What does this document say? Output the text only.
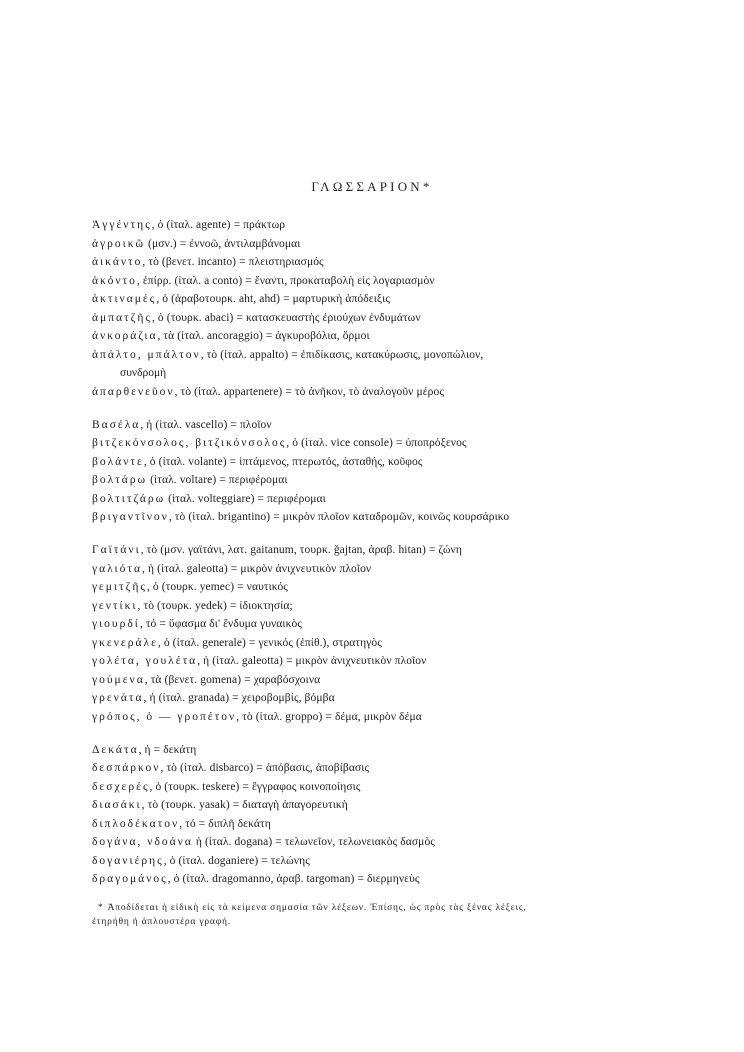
ΓΛΩΣΣΑΡΙΟΝ*
Ἀγγέντης, ὁ (ἰταλ. agente) = πράκτωρ
ἀγροικῶ (μσν.) = ἐννοῶ, ἀντιλαμβάνομαι
ἀικάντο, τὸ (βενετ. incanto) = πλειστηριασμός
ἀκόντο, ἐπίρρ. (ἰταλ. a conto) = ἔναντι, προκαταβολὴ εἰς λογαριασμὸν
ἀκτιναμές, ὁ (ἀραβοτουρκ. aht, ahd) = μαρτυρικὴ ἀπόδειξις
ἀμπατζῆς, ὁ (τουρκ. abaci) = κατασκευαστὴς ἐριούχων ἐνδυμάτων
ἀνκοράζια, τὰ (ἰταλ. ancoraggio) = ἀγκυροβόλια, ὅρμοι
ἀπάλτο, μπάλτον, τὸ (ἰταλ. appalto) = ἐπιδίκασις, κατακύρωσις, μονοπώλιον,
συνδρομὴ
ἀπαρθενεῦον, τὸ (ἰταλ. appartenere) = τὸ ἀνῆκον, τὸ ἀναλογοῦν μέρος
Βασέλα, ἡ (ἰταλ. vascello) = πλοῖον
βιτζεκόνσολος, βιτζικόνσολος, ὁ (ἰταλ. vice console) = ὑποπρόξενος
βολάντε, ὁ (ἰταλ. volante) = ἱπτάμενος, πτερωτός, ἀσταθής, κοῦφος
βολτάρω (ἰταλ. voltare) = περιφέρομαι
βολτιτζάρω (ἰταλ. volteggiare) = περιφέρομαι
βριγαντῖνον, τὸ (ἰταλ. brigantino) = μικρὸν πλοῖον καταδρομῶν, κοινῶς κουρσάρικο
Γαϊτάνι, τὸ (μσν. γαϊτάνι, λατ. gaitanum, τουρκ. ǧajtan, ἀραβ. hitan) = ζώνη
γαλιότα, ἡ (ἰταλ. galeotta) = μικρὸν ἀνιχνευτικὸν πλοῖον
γεμιτζῆς, ὁ (τουρκ. yemec) = ναυτικός
γεντίκι, τὸ (τουρκ. yedek) = ἰδιοκτησία;
γιουρδί, τό = ὕφασμα δι' ἔνδυμα γυναικὸς
γκενεράλε, ὁ (ἰταλ. generale) = γενικός (ἐπίθ.), στρατηγὸς
γολέτα, γουλέτα, ἡ (ἰταλ. galeotta) = μικρὸν ἀνιχνευτικὸν πλοῖον
γούμενα, τὰ (βενετ. gomena) = χαραβόσχοινα
γρενάτα, ἡ (ἰταλ. granada) = χειροβομβίς, βόμβα
γρόπος, ὁ — γροπέτον, τὸ (ἰταλ. groppo) = δέμα, μικρὸν δέμα
Δεκάτα, ἡ = δεκάτη
δεσπάρκον, τὸ (ἰταλ. disbarco) = ἀπόβασις, ἀποβίβασις
δεσχερές, ὁ (τουρκ. teskere) = ἔγγραφος κοινοποίησις
διασάκι, τὸ (τουρκ. yasak) = διαταγὴ ἀπαγορευτικὴ
διπλοδέκατον, τό = διπλῆ δεκάτη
δογάνα, νδοάνα ἡ (ἰταλ. dogana) = τελωνεῖον, τελωνειακὸς δασμὸς
δογανιέρης, ὁ (ἰταλ. doganiere) = τελώνης
δραγομάνος, ὁ (ἰταλ. dragomanno, ἀραβ. targoman) = διερμηνεὺς
* Ἀποδίδεται ἡ εἰδικὴ εἰς τὰ κείμενα σημασία τῶν λέξεων. Ἐπίσης, ὡς πρὸς τὰς ξένας λέξεις,
ἐτηρήθη ἡ ἁπλουστέρα γραφή.
